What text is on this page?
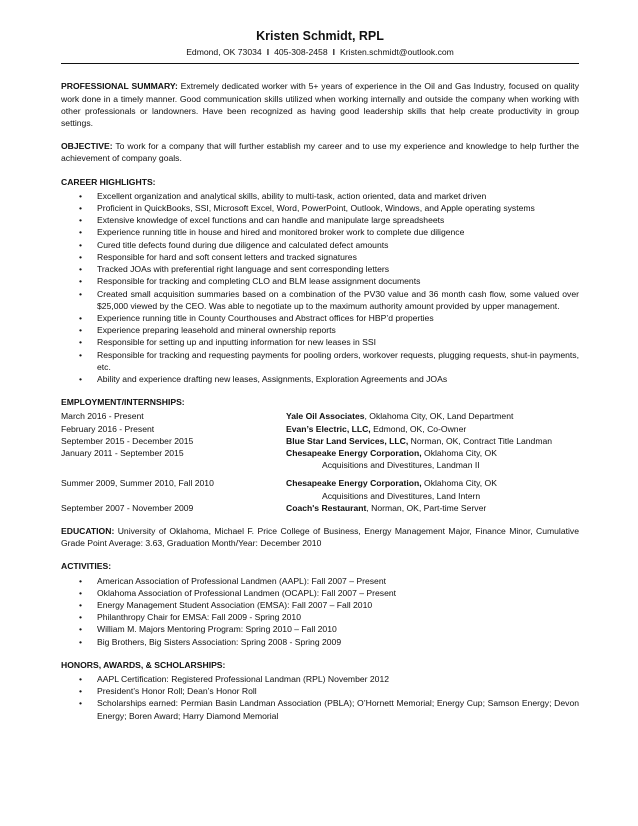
Kristen Schmidt, RPL
Edmond, OK 73034 l 405-308-2458 l Kristen.schmidt@outlook.com

PROFESSIONAL SUMMARY: Extremely dedicated worker with 5+ years of experience in the Oil and Gas Industry, focused on quality work done in a timely manner. Good communication skills utilized when working internally and outside the company when working with other professionals or landowners. Have been recognized as having good leadership skills that help create productivity in group settings.

OBJECTIVE: To work for a company that will further establish my career and to use my experience and knowledge to help further the achievement of company goals.

CAREER HIGHLIGHTS:
• Excellent organization and analytical skills, ability to multi-task, action oriented, data and market driven
• Proficient in QuickBooks, SSI, Microsoft Excel, Word, PowerPoint, Outlook, Windows, and Apple operating systems
• Extensive knowledge of excel functions and can handle and manipulate large spreadsheets
• Experience running title in house and hired and monitored broker work to complete due diligence
• Cured title defects found during due diligence and calculated defect amounts
• Responsible for hard and soft consent letters and tracked signatures
• Tracked JOAs with preferential right language and sent corresponding letters
• Responsible for tracking and completing CLO and BLM lease assignment documents
• Created small acquisition summaries based on a combination of the PV30 value and 36 month cash flow, some valued over $25,000 viewed by the CEO. Was able to negotiate up to the maximum authority amount provided by upper management.
• Experience running title in County Courthouses and Abstract offices for HBP’d properties
• Experience preparing leasehold and mineral ownership reports
• Responsible for setting up and inputting information for new leases in SSI
• Responsible for tracking and requesting payments for pooling orders, workover requests, plugging requests, shut-in payments, etc.
• Ability and experience drafting new leases, Assignments, Exploration Agreements and JOAs
EMPLOYMENT/INTERNSHIPS:
March 2016 - Present	Yale Oil Associates, Oklahoma City, OK, Land Department
February 2016 - Present	Evan’s Electric, LLC, Edmond, OK, Co-Owner
September 2015 - December 2015	Blue Star Land Services, LLC, Norman, OK, Contract Title Landman
January 2011 - September 2015	Chesapeake Energy Corporation, Oklahoma City, OK
Acquisitions and Divestitures, Landman II
Summer 2009, Summer 2010, Fall 2010	Chesapeake Energy Corporation, Oklahoma City, OK
Acquisitions and Divestitures, Land Intern
September 2007 - November 2009	Coach's Restaurant, Norman, OK, Part-time Server

EDUCATION: University of Oklahoma, Michael F. Price College of Business, Energy Management Major, Finance Minor, Cumulative Grade Point Average: 3.63, Graduation Month/Year: December 2010

ACTIVITIES:
• American Association of Professional Landmen (AAPL): Fall 2007 – Present
• Oklahoma Association of Professional Landmen (OCAPL): Fall 2007 – Present
• Energy Management Student Association (EMSA): Fall 2007 – Fall 2010
• Philanthropy Chair for EMSA: Fall 2009 - Spring 2010
• William M. Majors Mentoring Program: Spring 2010 – Fall 2010
• Big Brothers, Big Sisters Association: Spring 2008 - Spring 2009
HONORS, AWARDS, & SCHOLARSHIPS:
• AAPL Certification: Registered Professional Landman (RPL) November 2012
• President’s Honor Roll; Dean’s Honor Roll
• Scholarships earned: Permian Basin Landman Association (PBLA); O’Hornett Memorial; Energy Cup; Samson Energy; Devon Energy; Boren Award; Harry Diamond Memorial
